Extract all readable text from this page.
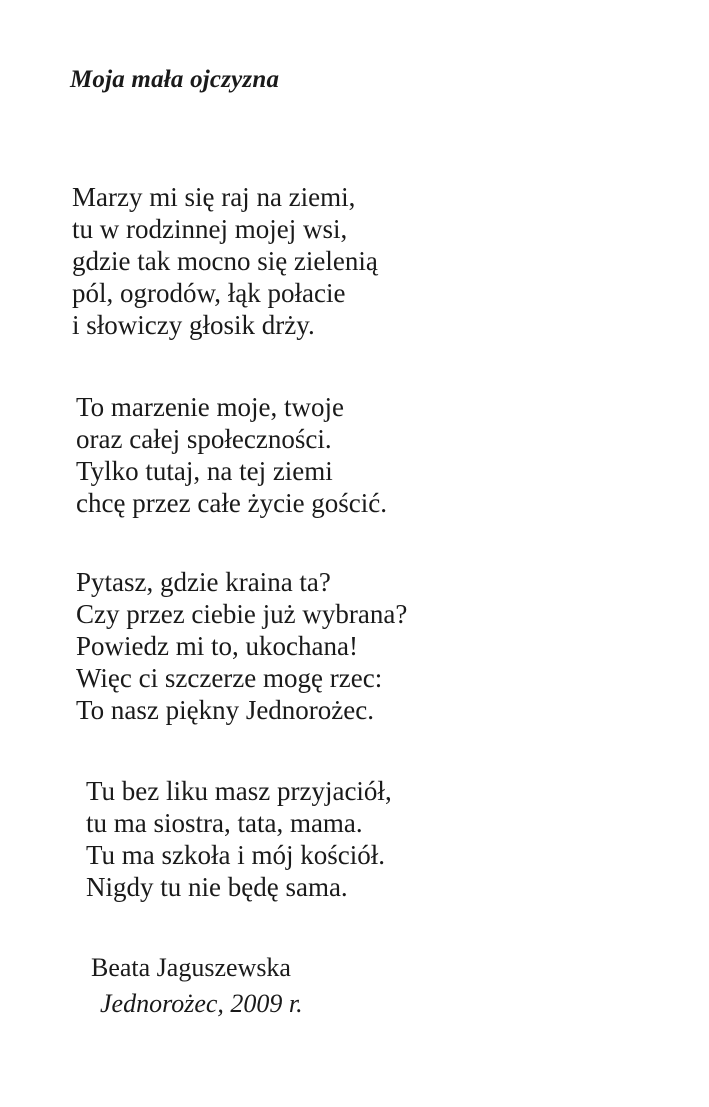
Moja mała ojczyzna
Marzy mi się raj na ziemi,
tu w rodzinnej mojej wsi,
gdzie tak mocno się zielenią
pól, ogrodów, łąk połacie
i słowiczy głosik drży.
To marzenie moje, twoje
oraz całej społeczności.
Tylko tutaj, na tej ziemi
chcę przez całe życie gościć.
Pytasz, gdzie kraina ta?
Czy przez ciebie już wybrana?
Powiedz mi to, ukochana!
Więc ci szczerze mogę rzec:
To nasz piękny Jednorożec.
Tu bez liku masz przyjaciół,
tu ma siostra, tata, mama.
Tu ma szkoła i mój kościół.
Nigdy tu nie będę sama.
Beata Jaguszewska
Jednorożec, 2009 r.
